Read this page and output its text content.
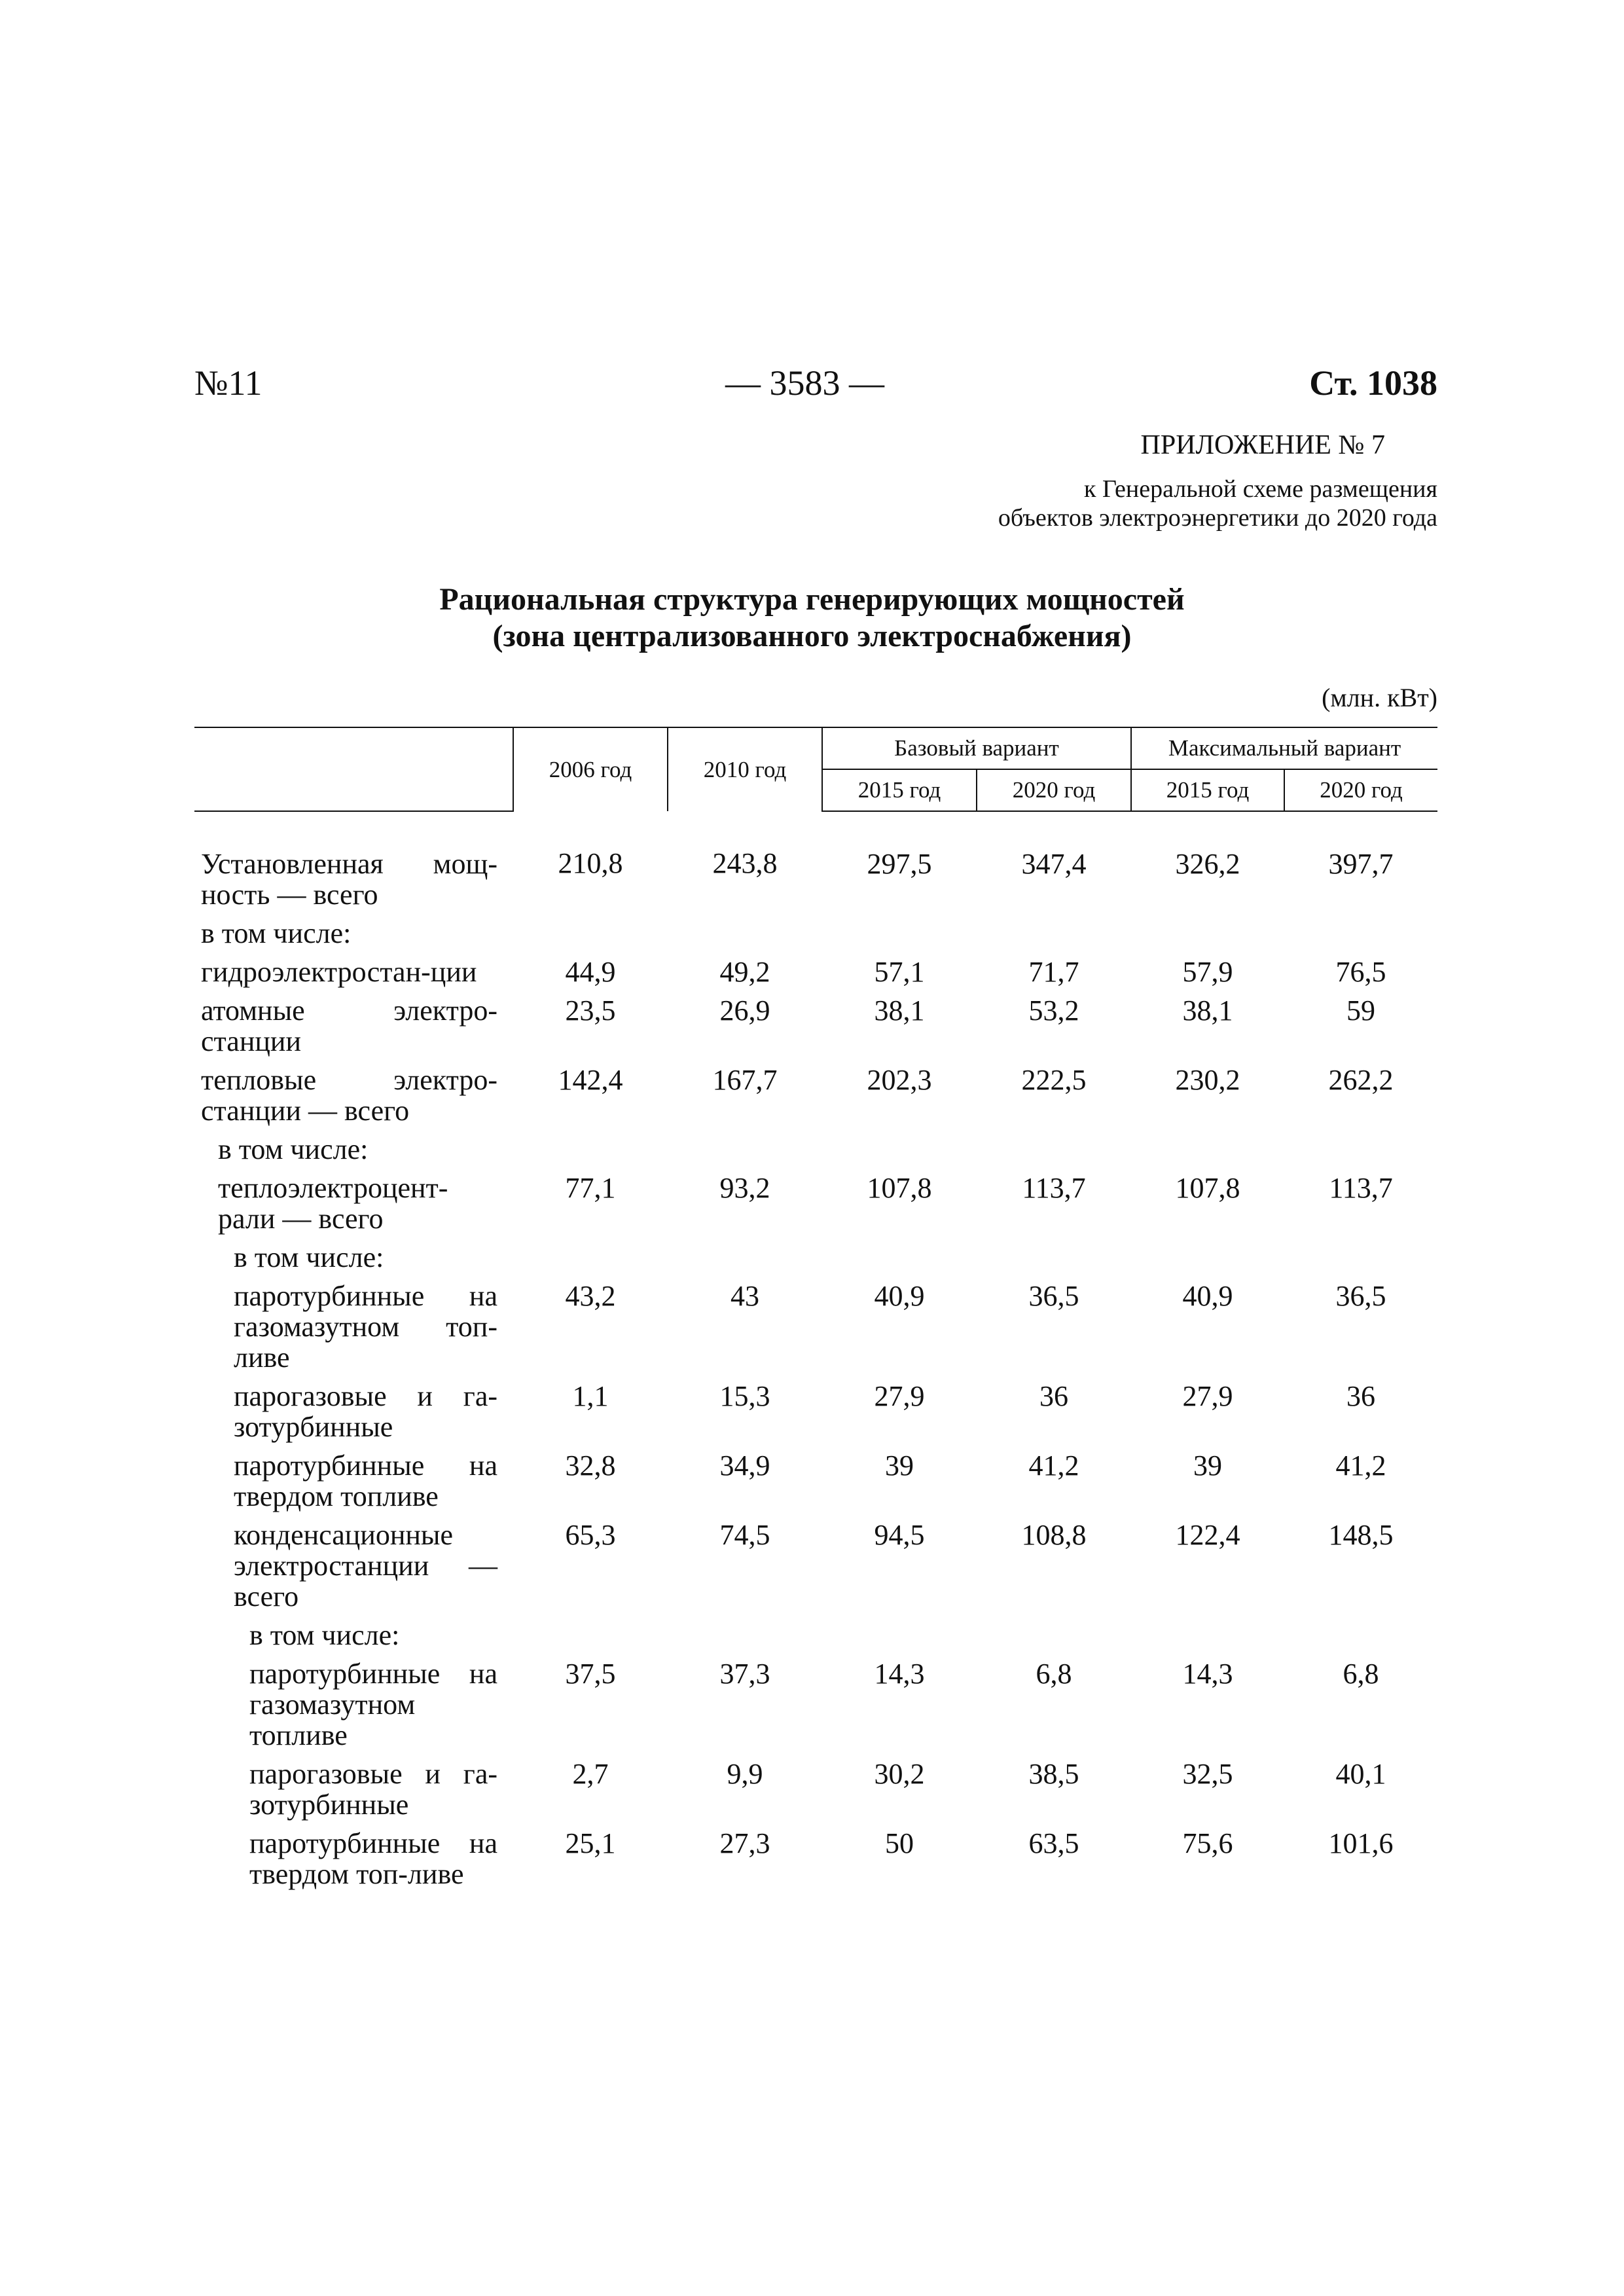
№11	— 3583 —	Ст. 1038
ПРИЛОЖЕНИЕ № 7
к Генеральной схеме размещения
объектов электроэнергетики до 2020 года
Рациональная структура генерирующих мощностей
(зона централизованного электроснабжения)
(млн. кВт)
	2006 год	2010 год	Базовый вариант		Максимальный вариант	
			2015 год	2020 год	2015 год	2020 год
Установленная мощ-ность — всего	210,8	243,8	297,5	347,4	326,2	397,7
в том числе:						
гидроэлектростан-ции	44,9	49,2	57,1	71,7	57,9	76,5
атомные электро-станции	23,5	26,9	38,1	53,2	38,1	59
тепловые электро-станции — всего	142,4	167,7	202,3	222,5	230,2	262,2
в том числе:						
теплоэлектроцент-рали — всего	77,1	93,2	107,8	113,7	107,8	113,7
в том числе:						
паротурбинные на газомазутном топ-ливе	43,2	43	40,9	36,5	40,9	36,5
парогазовые и га-зотурбинные	1,1	15,3	27,9	36	27,9	36
паротурбинные на твердом топливе	32,8	34,9	39	41,2	39	41,2
конденсационные электростанции — всего	65,3	74,5	94,5	108,8	122,4	148,5
в том числе:						
паротурбинные на газомазутном топливе	37,5	37,3	14,3	6,8	14,3	6,8
парогазовые и га-зотурбинные	2,7	9,9	30,2	38,5	32,5	40,1
паротурбинные на твердом топ-ливе	25,1	27,3	50	63,5	75,6	101,6
